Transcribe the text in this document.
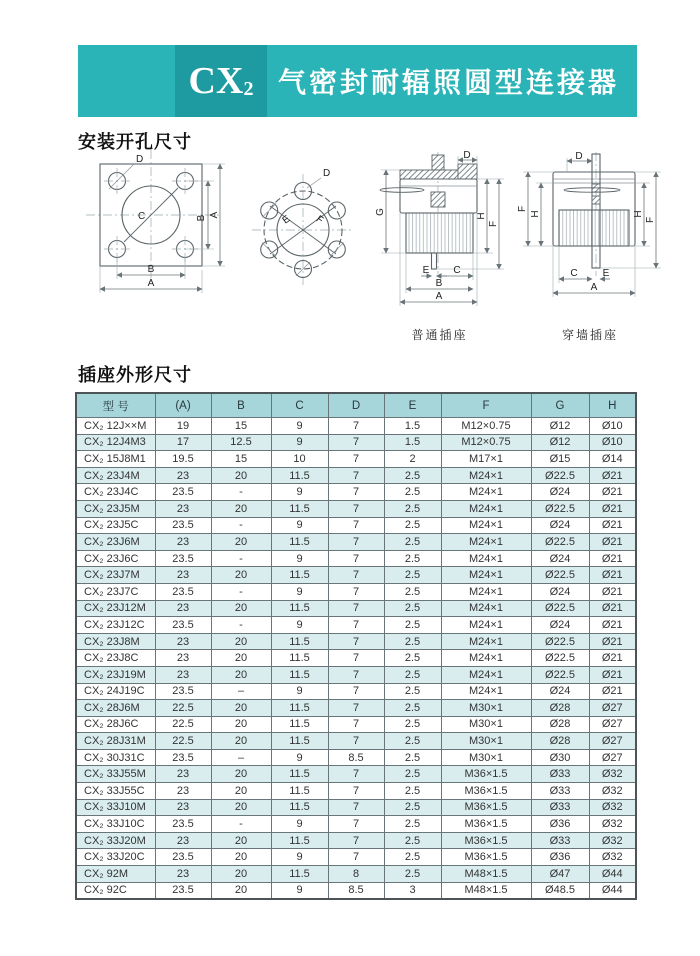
CX 2 气密封耐辐照圆型连接器
安装开孔尺寸
D
C	B A
B
A
D
E F
G
D
H
F
E C
B
A
普通插座
F
H
D
H
F
C	E
A
穿墙插座
插座外形尺寸
型 号	(A)	B	C	D	E	F	G	H
CX₂ 12J××M	19	15	9	7	1.5	M12×0.75	Ø12	Ø10
CX₂ 12J4M3	17	12.5	9	7	1.5	M12×0.75	Ø12	Ø10
CX₂ 15J8M1	19.5	15	10	7	2	M17×1	Ø15	Ø14
CX₂ 23J4M	23	20	11.5	7	2.5	M24×1	Ø22.5	Ø21
CX₂ 23J4C	23.5	-	9	7	2.5	M24×1	Ø24	Ø21
CX₂ 23J5M	23	20	11.5	7	2.5	M24×1	Ø22.5	Ø21
CX₂ 23J5C	23.5	-	9	7	2.5	M24×1	Ø24	Ø21
CX₂ 23J6M	23	20	11.5	7	2.5	M24×1	Ø22.5	Ø21
CX₂ 23J6C	23.5	-	9	7	2.5	M24×1	Ø24	Ø21
CX₂ 23J7M	23	20	11.5	7	2.5	M24×1	Ø22.5	Ø21
CX₂ 23J7C	23.5	-	9	7	2.5	M24×1	Ø24	Ø21
CX₂ 23J12M	23	20	11.5	7	2.5	M24×1	Ø22.5	Ø21
CX₂ 23J12C	23.5	-	9	7	2.5	M24×1	Ø24	Ø21
CX₂ 23J8M	23	20	11.5	7	2.5	M24×1	Ø22.5	Ø21
CX₂ 23J8C	23	20	11.5	7	2.5	M24×1	Ø22.5	Ø21
CX₂ 23J19M	23	20	11.5	7	2.5	M24×1	Ø22.5	Ø21
CX₂ 24J19C	23.5	–	9	7	2.5	M24×1	Ø24	Ø21
CX₂ 28J6M	22.5	20	11.5	7	2.5	M30×1	Ø28	Ø27
CX₂ 28J6C	22.5	20	11.5	7	2.5	M30×1	Ø28	Ø27
CX₂ 28J31M	22.5	20	11.5	7	2.5	M30×1	Ø28	Ø27
CX₂ 30J31C	23.5	–	9	8.5	2.5	M30×1	Ø30	Ø27
CX₂ 33J55M	23	20	11.5	7	2.5	M36×1.5	Ø33	Ø32
CX₂ 33J55C	23	20	11.5	7	2.5	M36×1.5	Ø33	Ø32
CX₂ 33J10M	23	20	11.5	7	2.5	M36×1.5	Ø33	Ø32
CX₂ 33J10C	23.5	-	9	7	2.5	M36×1.5	Ø36	Ø32
CX₂ 33J20M	23	20	11.5	7	2.5	M36×1.5	Ø33	Ø32
CX₂ 33J20C	23.5	20	9	7	2.5	M36×1.5	Ø36	Ø32
CX₂ 92M	23	20	11.5	8	2.5	M48×1.5	Ø47	Ø44
CX₂ 92C	23.5	20	9	8.5	3	M48×1.5	Ø48.5	Ø44
